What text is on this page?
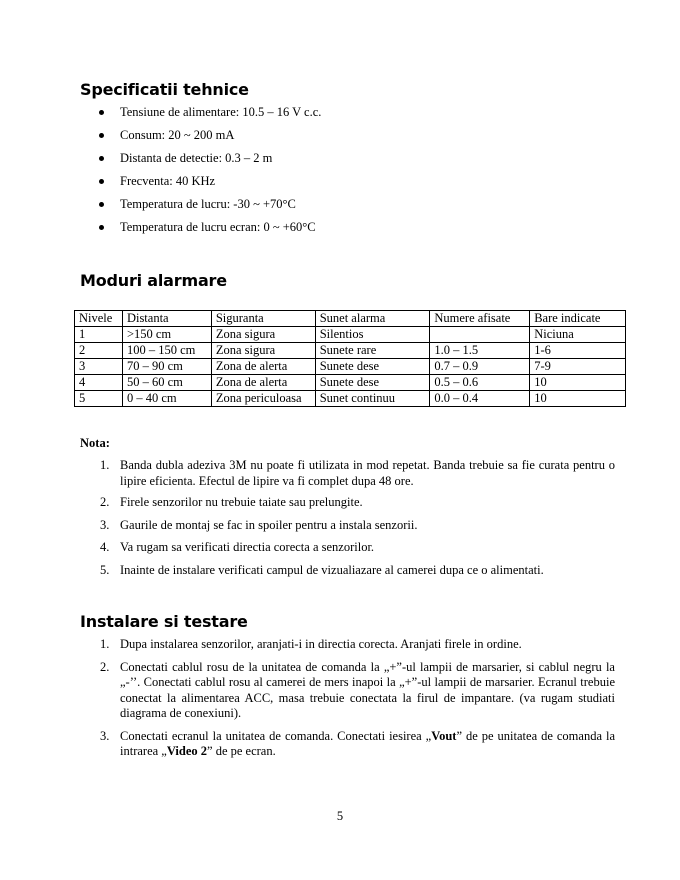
Specificatii tehnice
Tensiune de alimentare: 10.5 – 16 V c.c.
Consum: 20 ~ 200 mA
Distanta de detectie: 0.3 – 2 m
Frecventa: 40 KHz
Temperatura de lucru: -30 ~ +70°C
Temperatura de lucru ecran: 0 ~ +60°C
Moduri alarmare
Nivele	Distanta	Siguranta	Sunet alarma	Numere afisate	Bare indicate
1	>150 cm	Zona sigura	Silentios		Niciuna
2	100 – 150 cm	Zona sigura	Sunete rare	1.0 – 1.5	1-6
3	70 – 90 cm	Zona de alerta	Sunete dese	0.7 – 0.9	7-9
4	50 – 60 cm	Zona de alerta	Sunete dese	0.5 – 0.6	10
5	0 – 40 cm	Zona periculoasa	Sunet continuu	0.0 – 0.4	10
Nota:
1. Banda dubla adeziva 3M nu poate fi utilizata in mod repetat. Banda trebuie sa fie curata pentru o lipire eficienta. Efectul de lipire va fi complet dupa 48 ore.
2. Firele senzorilor nu trebuie taiate sau prelungite.
3. Gaurile de montaj se fac in spoiler pentru a instala senzorii.
4. Va rugam sa verificati directia corecta a senzorilor.
5. Inainte de instalare verificati campul de vizualiazare al camerei dupa ce o alimentati.
Instalare si testare
1. Dupa instalarea senzorilor, aranjati-i in directia corecta. Aranjati firele in ordine.
2. Conectati cablul rosu de la unitatea de comanda la „+”-ul lampii de marsarier, si cablul negru la „-’’. Conectati cablul rosu al camerei de mers inapoi la „+”-ul lampii de marsarier. Ecranul trebuie conectat la alimentarea ACC, masa trebuie conectata la firul de impantare. (va rugam studiati diagrama de conexiuni).
3. Conectati ecranul la unitatea de comanda. Conectati iesirea „Vout” de pe unitatea de comanda la intrarea „Video 2” de pe ecran.
5
